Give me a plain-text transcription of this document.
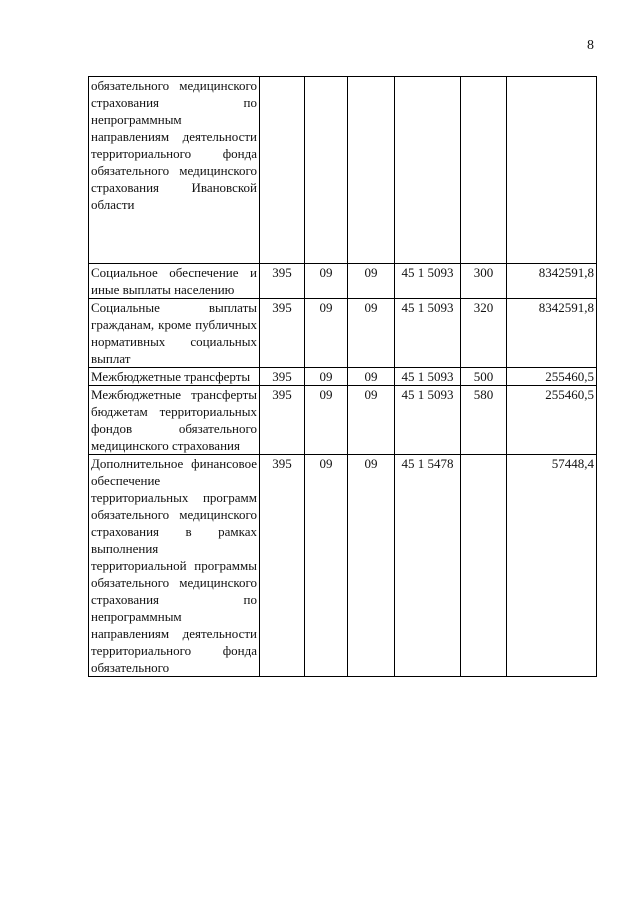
8
обязательного медицинского страхования по непрограммным направлениям деятельности территориального фонда обязательного медицинского страхования Ивановской области						
Социальное обеспечение и иные выплаты населению	395	09	09	45 1 5093	300	8342591,8
Социальные выплаты гражданам, кроме публичных нормативных социальных выплат	395	09	09	45 1 5093	320	8342591,8
Межбюджетные трансферты	395	09	09	45 1 5093	500	255460,5
Межбюджетные трансферты бюджетам территориальных фондов обязательного медицинского страхования	395	09	09	45 1 5093	580	255460,5
Дополнительное финансовое обеспечение территориальных программ обязательного медицинского страхования в рамках выполнения территориальной программы обязательного медицинского страхования по непрограммным направлениям деятельности территориального фонда обязательного	395	09	09	45 1 5478		57448,4
